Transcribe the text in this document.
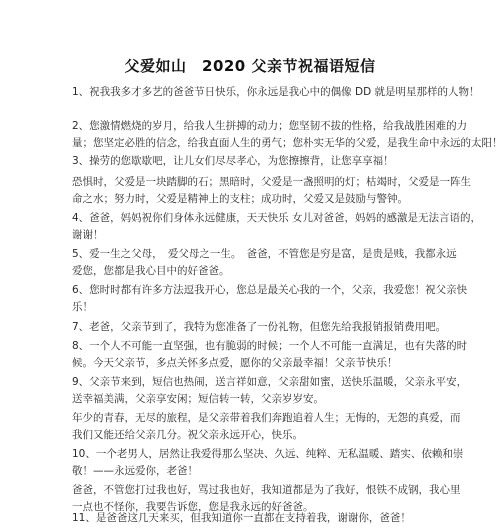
父爱如山　2020 父亲节祝福语短信
1、祝我我多才多艺的爸爸节日快乐，你永远是我心中的偶像 DD 就是明星那样的人物！
2、您激情燃烧的岁月，给我人生拼搏的动力；您坚韧不拔的性格，给我战胜困难的力
量；您坚定必胜的信念，给我直面人生的勇气；您朴实无华的父爱，是我生命中永远的太阳！
3、操劳的您歇歇吧，让儿女们尽尽孝心，为您擦擦背，让您享享福！
恐惧时，父爱是一块踏脚的石；黑暗时，父爱是一盏照明的灯；枯竭时，父爱是一阵生
命之水；努力时，父爱是精神上的支柱；成功时，父爱又是鼓励与警钟。
4、爸爸，妈妈祝你们身体永远健康，天天快乐 女儿对爸爸，妈妈的感激是无法言语的，
谢谢！
5、爱一生之父母，　爱父母之一生。　爸爸，不管您是穷是富，是贵是贱，我都永远
爱您，您都是我心目中的好爸爸。
6、您时时都有许多方法逗我开心，您总是最关心我的一个，父亲，我爱您！祝父亲快
乐！
7、老爸，父亲节到了，我特为您准备了一份礼物，但您先给我报销报销费用吧。
8、一个人不可能一直坚强，也有脆弱的时候；一个人不可能一直满足，也有失落的时
候。今天父亲节，多点关怀多点爱，愿你的父亲最幸福！父亲节快乐！
9、父亲节来到，短信也热闹，送言祥如意，父亲甜如蜜，送快乐温暖，父亲永平安，
送幸福美满，父亲享安闲；短信转一转，父亲岁岁安。
年少的青春，无尽的旅程，是父亲带着我们奔跑追着人生；无悔的，无怨的真爱，而
我们又能还给父亲几分。祝父亲永远开心，快乐。
10、一个老男人，居然让我爱得那么坚决、久远、纯粹、无私温暖、踏实、依赖和崇
敬！——永远爱你，老爸！
爸爸，不管您打过我也好，骂过我也好，我知道都是为了我好，恨铁不成钢，我心里
一点也不怪你，我要告诉您，您是我永远的好爸爸。
11、是爸爸这几天来买，但我知道你一直都在支持着我，谢谢你，爸爸！
